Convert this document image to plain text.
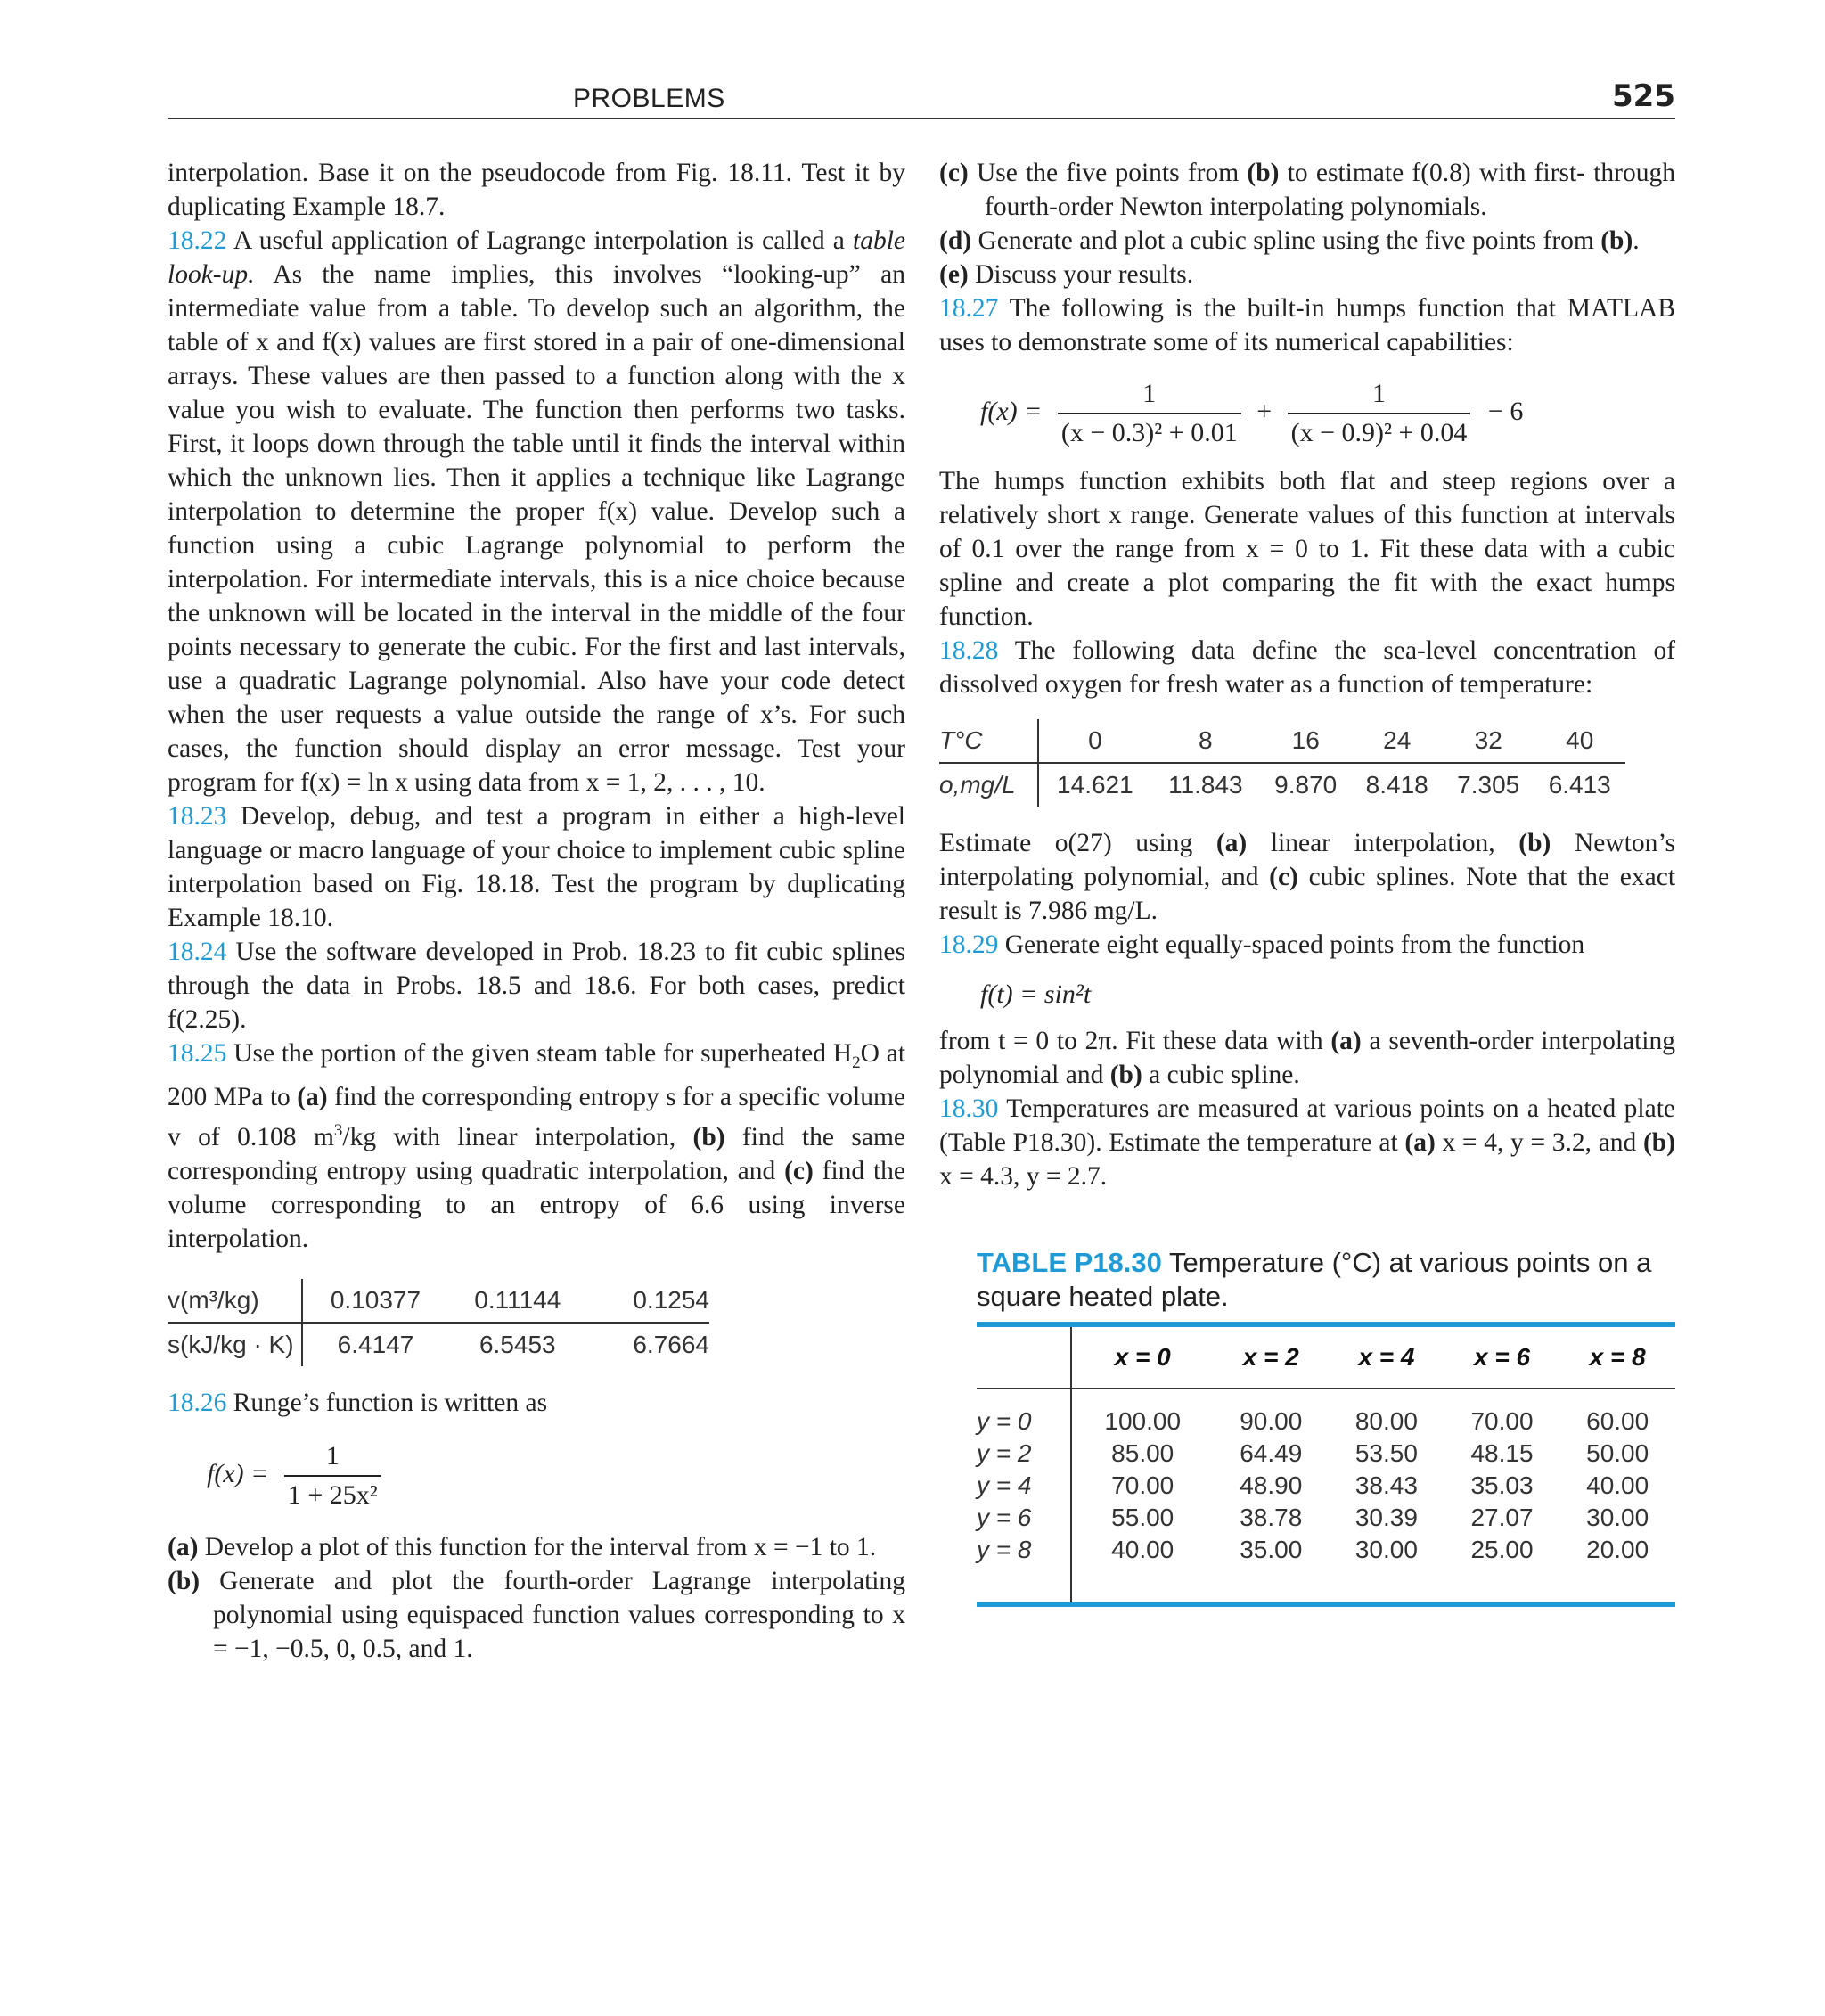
PROBLEMS	525

interpolation. Base it on the pseudocode from Fig. 18.11. Test it by duplicating Example 18.7.

18.22 A useful application of Lagrange interpolation is called a table look-up. As the name implies, this involves “looking-up” an intermediate value from a table. To develop such an algorithm, the table of x and f(x) values are first stored in a pair of one-dimensional arrays. These values are then passed to a function along with the x value you wish to evaluate. The function then performs two tasks. First, it loops down through the table until it finds the interval within which the unknown lies. Then it applies a technique like Lagrange interpolation to determine the proper f(x) value. Develop such a function using a cubic Lagrange polynomial to perform the interpolation. For intermediate intervals, this is a nice choice because the unknown will be located in the interval in the middle of the four points necessary to generate the cubic. For the first and last intervals, use a quadratic Lagrange polynomial. Also have your code detect when the user requests a value outside the range of x’s. For such cases, the function should display an error message. Test your program for f(x) = ln x using data from x = 1, 2, . . . , 10.

18.23 Develop, debug, and test a program in either a high-level language or macro language of your choice to implement cubic spline interpolation based on Fig. 18.18. Test the program by duplicating Example 18.10.

18.24 Use the software developed in Prob. 18.23 to fit cubic splines through the data in Probs. 18.5 and 18.6. For both cases, predict f(2.25).

18.25 Use the portion of the given steam table for superheated $H_2O$ at 200 MPa to (a) find the corresponding entropy s for a specific volume v of 0.108 $m^3/kg$ with linear interpolation, (b) find the same corresponding entropy using quadratic interpolation, and (c) find the volume corresponding to an entropy of 6.6 using inverse interpolation.

v(m³/kg)	0.10377	0.11144	0.1254
s(kJ/kg · K)	6.4147	6.5453	6.7664

18.26 Runge’s function is written as

$f(x) = \frac{1}{\text{1 + 25x²}}$

(a) Develop a plot of this function for the interval from x = −1 to 1.

(b) Generate and plot the fourth-order Lagrange interpolating polynomial using equispaced function values corresponding to x = −1, −0.5, 0, 0.5, and 1.

(c) Use the five points from (b) to estimate f(0.8) with first- through fourth-order Newton interpolating polynomials.

(d) Generate and plot a cubic spline using the five points from (b).

(e) Discuss your results.

18.27 The following is the built-in humps function that MATLAB uses to demonstrate some of its numerical capabilities:

$f(x) = \frac{1}{\text{(x − 0.3)² + 0.01}} + \frac{1}{\text{(x − 0.9)² + 0.04}} - 6$

The humps function exhibits both flat and steep regions over a relatively short x range. Generate values of this function at intervals of 0.1 over the range from x = 0 to 1. Fit these data with a cubic spline and create a plot comparing the fit with the exact humps function.

18.28 The following data define the sea-level concentration of dissolved oxygen for fresh water as a function of temperature:

T°C	0	8	16	24	32	40
o,mg/L	14.621	11.843	9.870	8.418	7.305	6.413

Estimate o(27) using (a) linear interpolation, (b) Newton’s interpolating polynomial, and (c) cubic splines. Note that the exact result is 7.986 mg/L.

18.29 Generate eight equally-spaced points from the function

f(t) = sin²t

from t = 0 to 2π. Fit these data with (a) a seventh-order interpolating polynomial and (b) a cubic spline.

18.30 Temperatures are measured at various points on a heated plate (Table P18.30). Estimate the temperature at (a) x = 4, y = 3.2, and (b) x = 4.3, y = 2.7.

TABLE P18.30 Temperature (°C) at various points on a square heated plate.
	x = 0	x = 2	x = 4	x = 6	x = 8

y = 0	100.00	90.00	80.00	70.00	60.00
y = 2	85.00	64.49	53.50	48.15	50.00
y = 4	70.00	48.90	38.43	35.03	40.00
y = 6	55.00	38.78	30.39	27.07	30.00
y = 8	40.00	35.00	30.00	25.00	20.00
